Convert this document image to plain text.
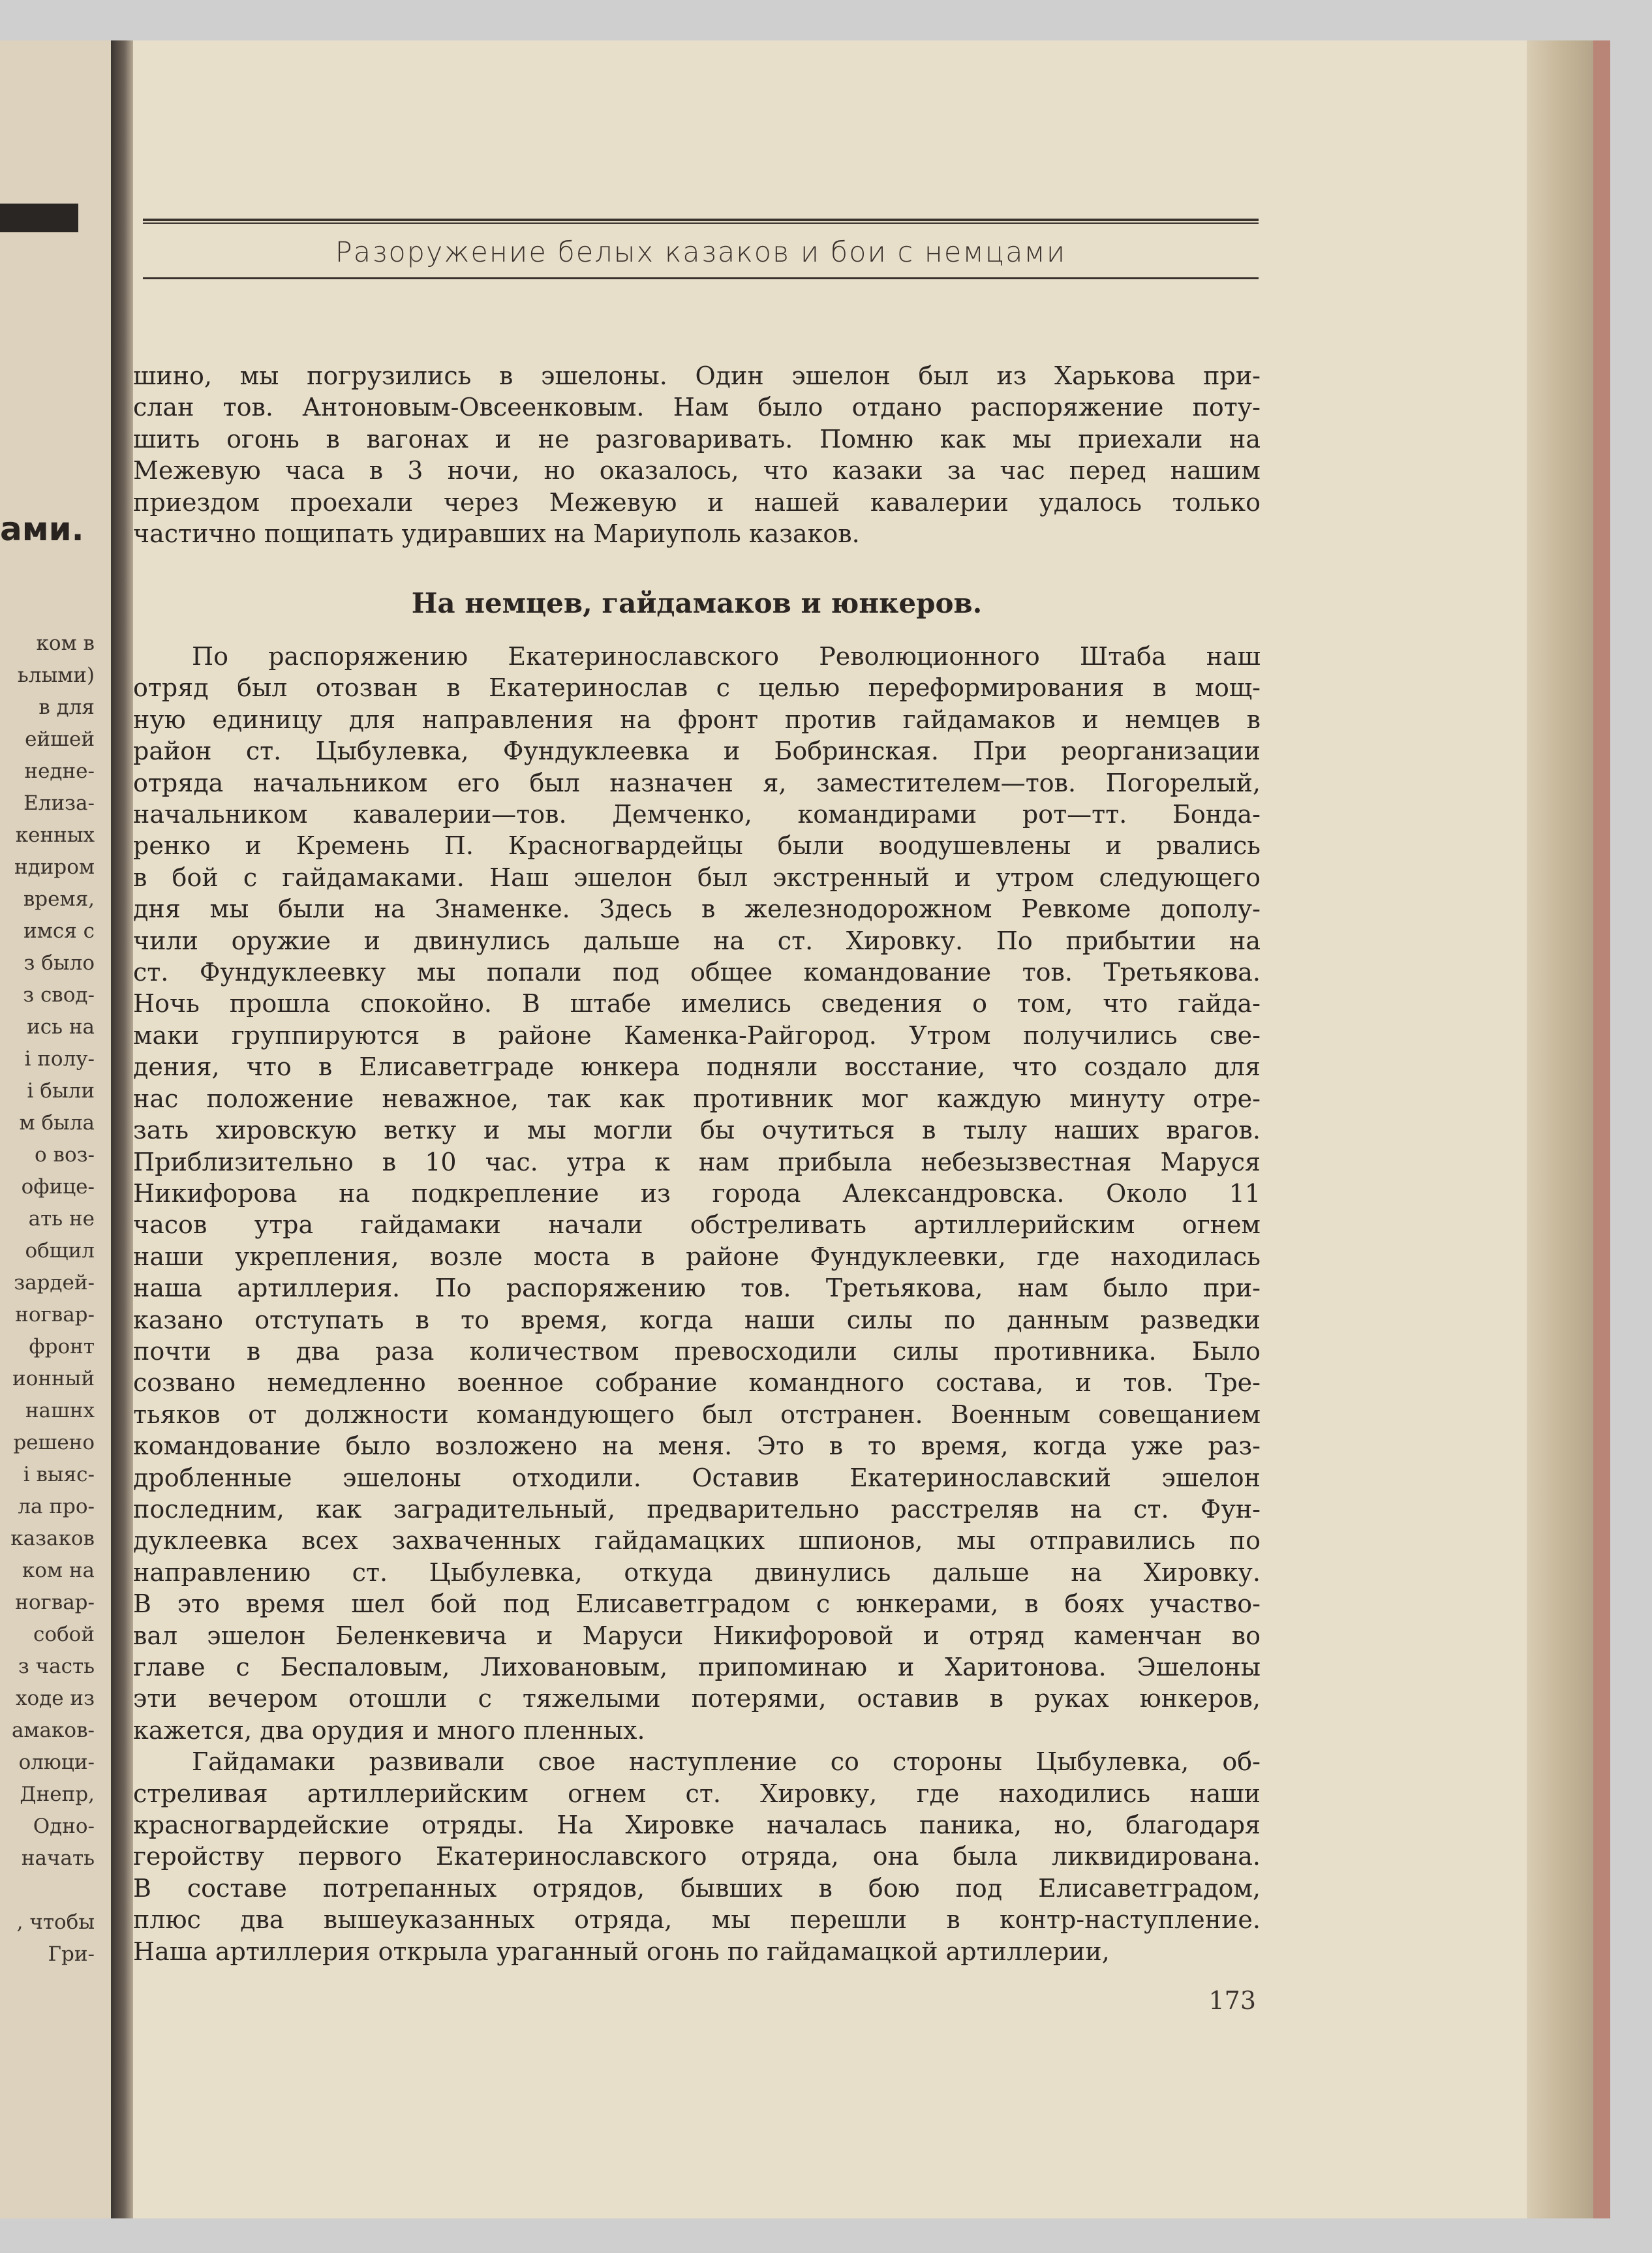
ами.
ком в
ьлыми)
в для
ейшей
недне-
Елиза-
кенных
ндиром
время,
имся с
з было
з свод-
ись на
і полу-
і были
м была
о воз-
офице-
ать не
общил
зардей-
ногвар-
фронт
ионный
нашнх
решено
і выяс-
ла про-
казаков
ком на
ногвар-
собой
з часть
ходе из
амаков-
олюци-
Днепр,
Одно-
начать
, чтобы
Гри-
Разоружение белых казаков и бои с немцами
шино, мы погрузились в эшелоны. Один эшелон был из Харькова при-
слан тов. Антоновым-Овсеенковым. Нам было отдано распоряжение поту-
шить огонь в вагонах и не разговаривать. Помню как мы приехали на
Межевую часа в 3 ночи, но оказалось, что казаки за час перед нашим
приездом проехали через Межевую и нашей кавалерии удалось только
частично пощипать удиравших на Мариуполь казаков.
На немцев, гайдамаков и юнкеров.
По распоряжению Екатеринославского Революционного Штаба наш
отряд был отозван в Екатеринослав с целью переформирования в мощ-
ную единицу для направления на фронт против гайдамаков и немцев в
район ст. Цыбулевка, Фундуклеевка и Бобринская. При реорганизации
отряда начальником его был назначен я, заместителем—тов. Погорелый,
начальником кавалерии—тов. Демченко, командирами рот—тт. Бонда-
ренко и Кремень П. Красногвардейцы были воодушевлены и рвались
в бой с гайдамаками. Наш эшелон был экстренный и утром следующего
дня мы были на Знаменке. Здесь в железнодорожном Ревкоме дополу-
чили оружие и двинулись дальше на ст. Хировку. По прибытии на
ст. Фундуклеевку мы попали под общее командование тов. Третьякова.
Ночь прошла спокойно. В штабе имелись сведения о том, что гайда-
маки группируются в районе Каменка-Райгород. Утром получились све-
дения, что в Елисаветграде юнкера подняли восстание, что создало для
нас положение неважное, так как противник мог каждую минуту отре-
зать хировскую ветку и мы могли бы очутиться в тылу наших врагов.
Приблизительно в 10 час. утра к нам прибыла небезызвестная Маруся
Никифорова на подкрепление из города Александровска. Около 11
часов утра гайдамаки начали обстреливать артиллерийским огнем
наши укрепления, возле моста в районе Фундуклеевки, где находилась
наша артиллерия. По распоряжению тов. Третьякова, нам было при-
казано отступать в то время, когда наши силы по данным разведки
почти в два раза количеством превосходили силы противника. Было
созвано немедленно военное собрание командного состава, и тов. Тре-
тьяков от должности командующего был отстранен. Военным совещанием
командование было возложено на меня. Это в то время, когда уже раз-
дробленные эшелоны отходили. Оставив Екатеринославский эшелон
последним, как заградительный, предварительно расстреляв на ст. Фун-
дуклеевка всех захваченных гайдамацких шпионов, мы отправились по
направлению ст. Цыбулевка, откуда двинулись дальше на Хировку.
В это время шел бой под Елисаветградом с юнкерами, в боях участво-
вал эшелон Беленкевича и Маруси Никифоровой и отряд каменчан во
главе с Беспаловым, Лиховановым, припоминаю и Харитонова. Эшелоны
эти вечером отошли с тяжелыми потерями, оставив в руках юнкеров,
кажется, два орудия и много пленных.
Гайдамаки развивали свое наступление со стороны Цыбулевка, об-
стреливая артиллерийским огнем ст. Хировку, где находились наши
красногвардейские отряды. На Хировке началась паника, но, благодаря
геройству первого Екатеринославского отряда, она была ликвидирована.
В составе потрепанных отрядов, бывших в бою под Елисаветградом,
плюс два вышеуказанных отряда, мы перешли в контр-наступление.
Наша артиллерия открыла ураганный огонь по гайдамацкой артиллерии,
173
